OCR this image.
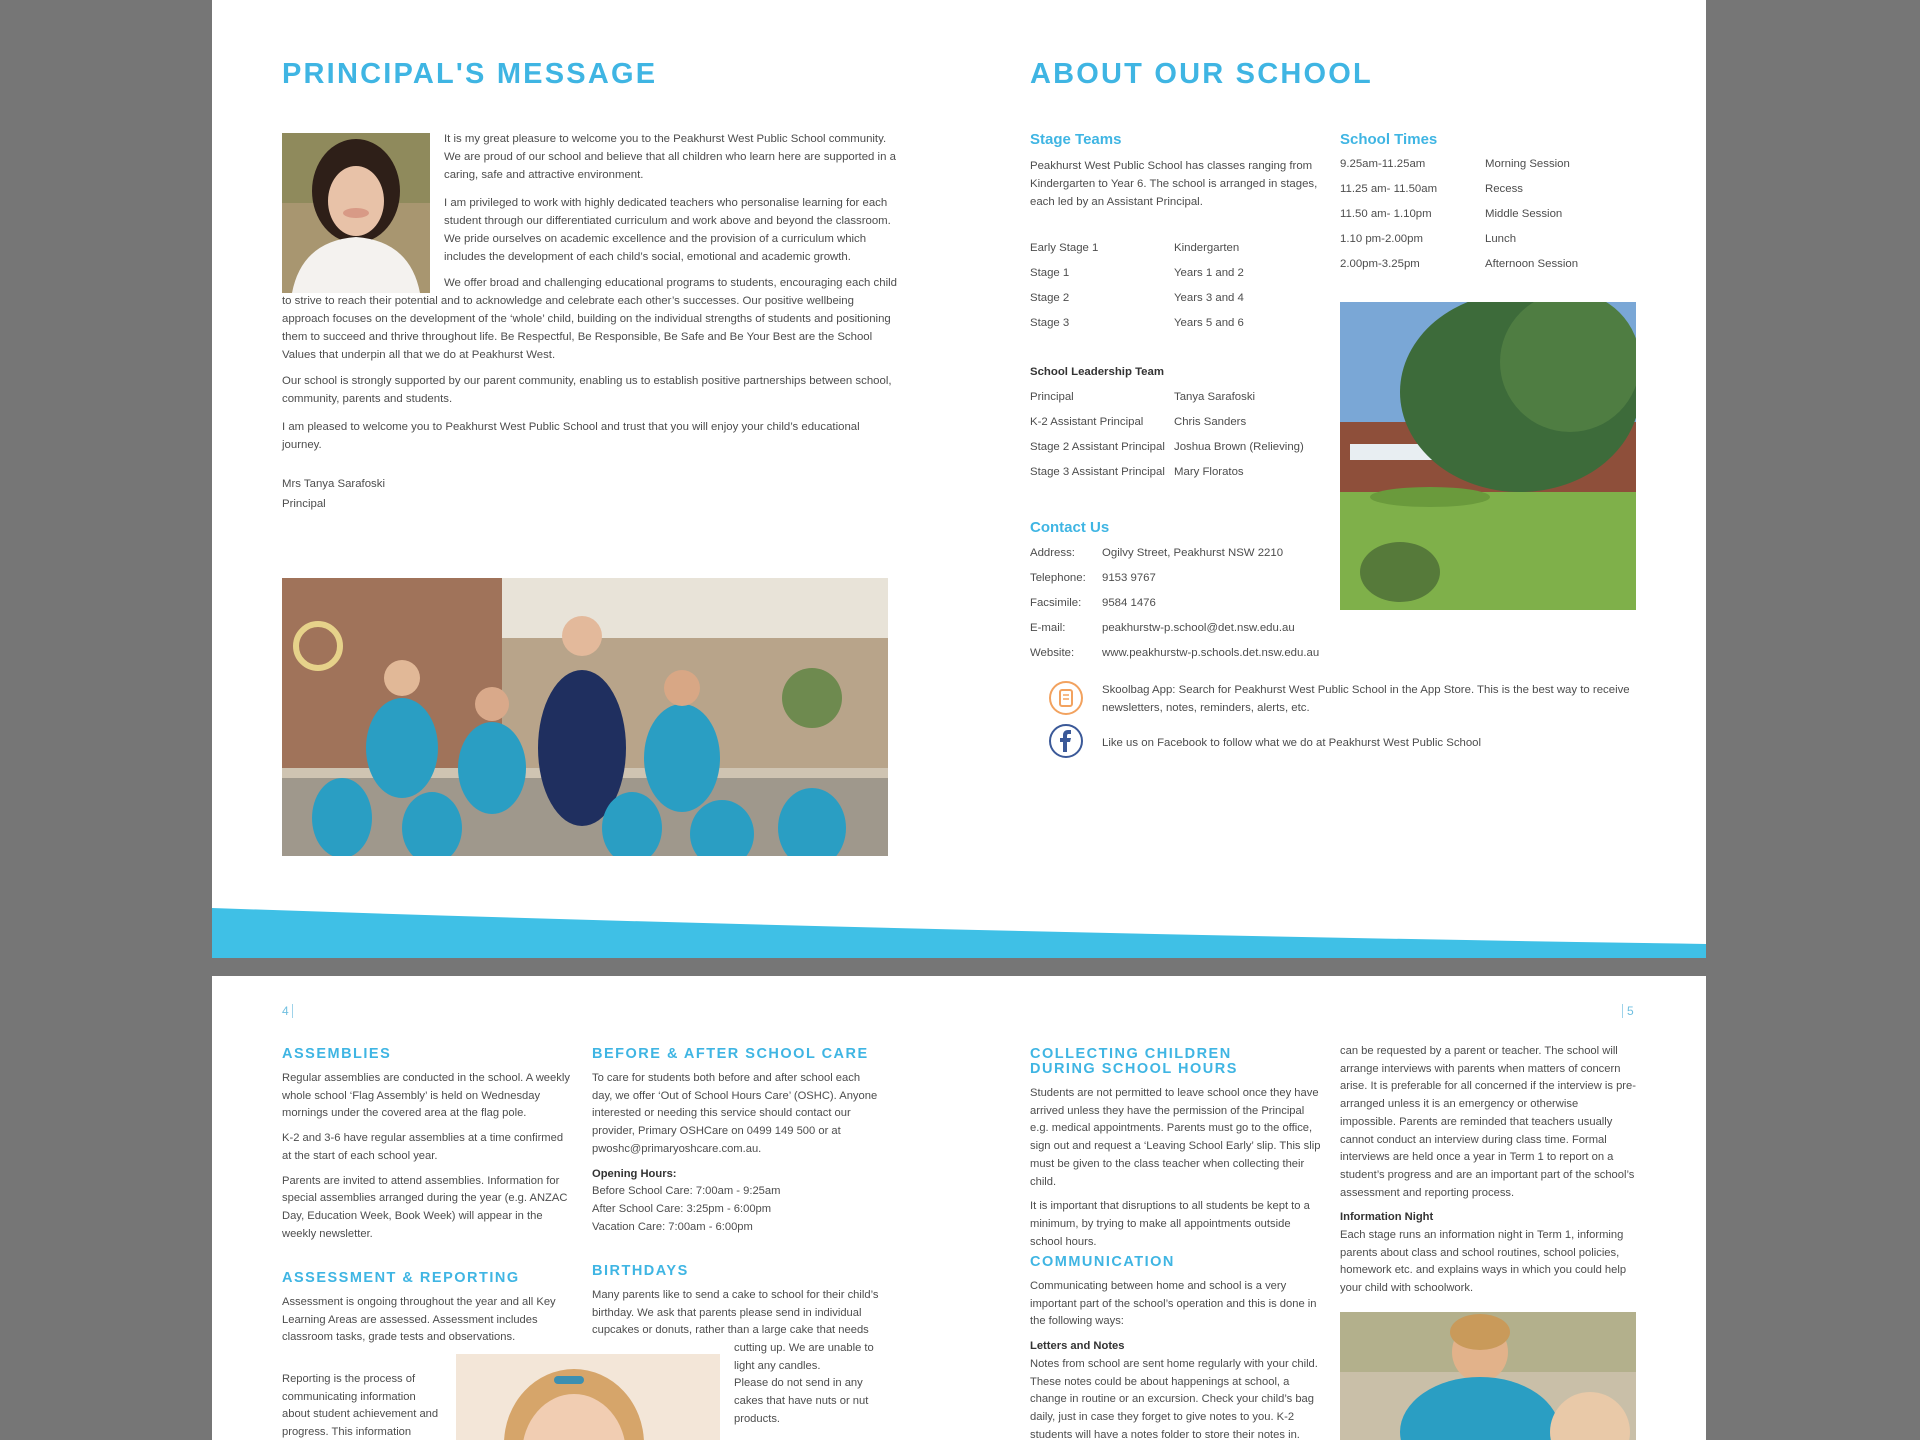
PRINCIPAL'S MESSAGE

It is my great pleasure to welcome you to the Peakhurst West Public School community. We are proud of our school and believe that all children who learn here are supported in a caring, safe and attractive environment.

I am privileged to work with highly dedicated teachers who personalise learning for each student through our differentiated curriculum and work above and beyond the classroom. We pride ourselves on academic excellence and the provision of a curriculum which includes the development of each child’s social, emotional and academic growth.

We offer broad and challenging educational programs to students, encouraging each child to strive to reach their potential and to acknowledge and celebrate each other’s successes. Our positive wellbeing approach focuses on the development of the ‘whole’ child, building on the individual strengths of students and positioning them to succeed and thrive throughout life. Be Respectful, Be Responsible, Be Safe and Be Your Best are the School Values that underpin all that we do at Peakhurst West.

Our school is strongly supported by our parent community, enabling us to establish positive partnerships between school, community, parents and students.

I am pleased to welcome you to Peakhurst West Public School and trust that you will enjoy your child’s educational journey.

Mrs Tanya Sarafoski
Principal
ABOUT OUR SCHOOL
Stage Teams
Peakhurst West Public School has classes ranging from Kindergarten to Year 6. The school is arranged in stages, each led by an Assistant Principal.
Early Stage 1	Kindergarten
Stage 1	Years 1 and 2
Stage 2	Years 3 and 4
Stage 3	Years 5 and 6
School Leadership Team
Principal	Tanya Sarafoski
K-2 Assistant Principal	Chris Sanders
Stage 2 Assistant Principal Joshua Brown (Relieving)
Stage 3 Assistant Principal Mary Floratos
Contact Us
Address: Ogilvy Street, Peakhurst NSW 2210
Telephone: 9153 9767
Facsimile: 9584 1476
E-mail:	peakhurstw-p.school@det.nsw.edu.au
Website: www.peakhurstw-p.schools.det.nsw.edu.au
Skoolbag App: Search for Peakhurst West Public School in the App Store. This is the best way to receive newsletters, notes, reminders, alerts, etc.
Like us on Facebook to follow what we do at Peakhurst West Public School
School Times
9.25am-11.25am	Morning Session
11.25 am- 11.50am	Recess
11.50 am- 1.10pm	Middle Session
1.10 pm-2.00pm	Lunch
2.00pm-3.25pm	Afternoon Session
4	5
ASSEMBLIES

Regular assemblies are conducted in the school. A weekly whole school ‘Flag Assembly’ is held on Wednesday mornings under the covered area at the flag pole.

K-2 and 3-6 have regular assemblies at a time confirmed at the start of each school year.

Parents are invited to attend assemblies. Information for special assemblies arranged during the year (e.g. ANZAC Day, Education Week, Book Week) will appear in the weekly newsletter.

ASSESSMENT & REPORTING
Assessment is ongoing throughout the year and all Key Learning Areas are assessed. Assessment includes classroom tasks, grade tests and observations.
Reporting is the process of communicating information about student achievement and progress. This information
BEFORE & AFTER SCHOOL CARE

To care for students both before and after school each day, we offer ‘Out of School Hours Care’ (OSHC). Anyone interested or needing this service should contact our provider, Primary OSHCare on 0499 149 500 or at pwoshc@primaryoshcare.com.au.

Opening Hours:
Before School Care: 7:00am - 9:25am
After School Care: 3:25pm - 6:00pm
Vacation Care: 7:00am - 6:00pm
BIRTHDAYS
Many parents like to send a cake to school for their child’s birthday. We ask that parents please send in individual cupcakes or donuts, rather than a large cake that needs
cutting up. We are unable to light any candles.
Please do not send in any cakes that have nuts or nut products.
COLLECTING CHILDREN DURING SCHOOL HOURS

Students are not permitted to leave school once they have arrived unless they have the permission of the Principal e.g. medical appointments. Parents must go to the office, sign out and request a ‘Leaving School Early’ slip. This slip must be given to the class teacher when collecting their child.

It is important that disruptions to all students be kept to a minimum, by trying to make all appointments outside school hours.

COMMUNICATION

Communicating between home and school is a very important part of the school’s operation and this is done in the following ways:

Letters and Notes
Notes from school are sent home regularly with your child. These notes could be about happenings at school, a change in routine or an excursion. Check your child’s bag daily, just in case they forget to give notes to you. K-2 students will have a notes folder to store their notes in.

can be requested by a parent or teacher. The school will arrange interviews with parents when matters of concern arise. It is preferable for all concerned if the interview is pre-arranged unless it is an emergency or otherwise impossible. Parents are reminded that teachers usually cannot conduct an interview during class time. Formal interviews are held once a year in Term 1 to report on a student’s progress and are an important part of the school’s assessment and reporting process.

Information Night
Each stage runs an information night in Term 1, informing parents about class and school routines, school policies, homework etc. and explains ways in which you could help your child with schoolwork.
